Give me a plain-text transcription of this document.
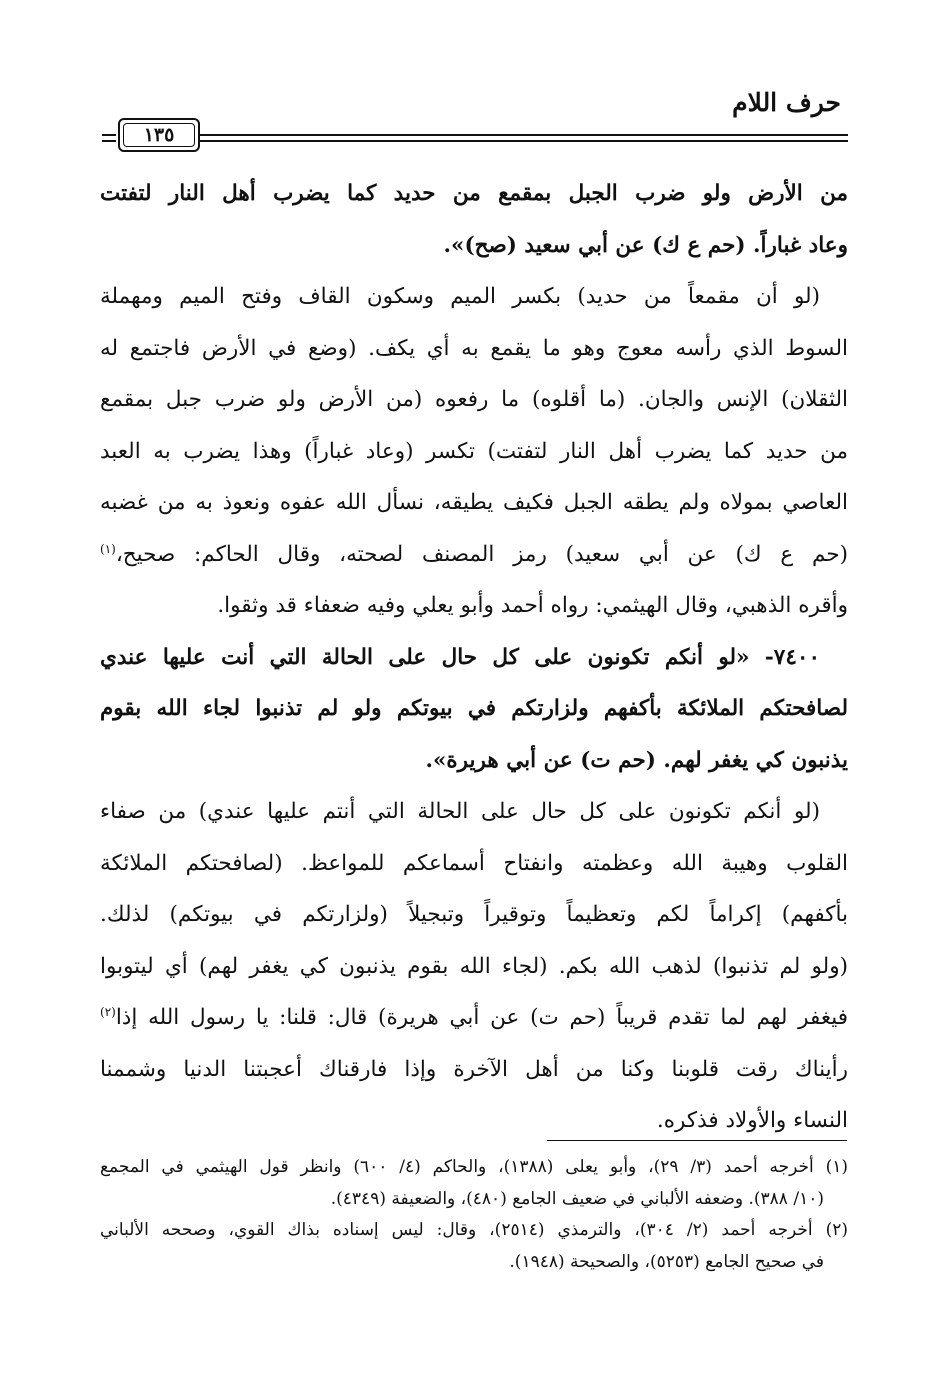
حرف اللام
١٣٥
من الأرض ولو ضرب الجبل بمقمع من حديد كما يضرب أهل النار لتفتت
وعاد غباراً. (حم ع ك) عن أبي سعيد (صح)».
(لو أن مقمعاً من حديد) بكسر الميم وسكون القاف وفتح الميم ومهملة
السوط الذي رأسه معوج وهو ما يقمع به أي يكف. (وضع في الأرض فاجتمع له
الثقلان) الإنس والجان. (ما أقلوه) ما رفعوه (من الأرض ولو ضرب جبل بمقمع
من حديد كما يضرب أهل النار لتفتت) تكسر (وعاد غباراً) وهذا يضرب به العبد
العاصي بمولاه ولم يطقه الجبل فكيف يطيقه، نسأل الله عفوه ونعوذ به من غضبه
(حم ع ك) عن أبي سعيد) رمز المصنف لصحته، وقال الحاكم: صحيح،$^{(١)}$
وأقره الذهبي، وقال الهيثمي: رواه أحمد وأبو يعلي وفيه ضعفاء قد وثقوا.
٧٤٠٠- «لو أنكم تكونون على كل حال على الحالة التي أنت عليها عندي
لصافحتكم الملائكة بأكفهم ولزارتكم في بيوتكم ولو لم تذنبوا لجاء الله بقوم
يذنبون كي يغفر لهم. (حم ت) عن أبي هريرة».
(لو أنكم تكونون على كل حال على الحالة التي أنتم عليها عندي) من صفاء
القلوب وهيبة الله وعظمته وانفتاح أسماعكم للمواعظ. (لصافحتكم الملائكة
بأكفهم) إكراماً لكم وتعظيماً وتوقيراً وتبجيلاً (ولزارتكم في بيوتكم) لذلك.
(ولو لم تذنبوا) لذهب الله بكم. (لجاء الله بقوم يذنبون كي يغفر لهم) أي ليتوبوا
فيغفر لهم لما تقدم قريباً (حم ت) عن أبي هريرة) قال: قلنا: يا رسول الله إذا$^{(٢)}$
رأيناك رقت قلوبنا وكنا من أهل الآخرة وإذا فارقناك أعجبتنا الدنيا وشممنا
النساء والأولاد فذكره.
(١) أخرجه أحمد (٣/ ٢٩)، وأبو يعلى (١٣٨٨)، والحاكم (٤/ ٦٠٠) وانظر قول الهيثمي في المجمع
(١٠/ ٣٨٨). وضعفه الألباني في ضعيف الجامع (٤٨٠)، والضعيفة (٤٣٤٩).
(٢) أخرجه أحمد (٢/ ٣٠٤)، والترمذي (٢٥١٤)، وقال: ليس إسناده بذاك القوي، وصححه الألباني
في صحيح الجامع (٥٢٥٣)، والصحيحة (١٩٤٨).
